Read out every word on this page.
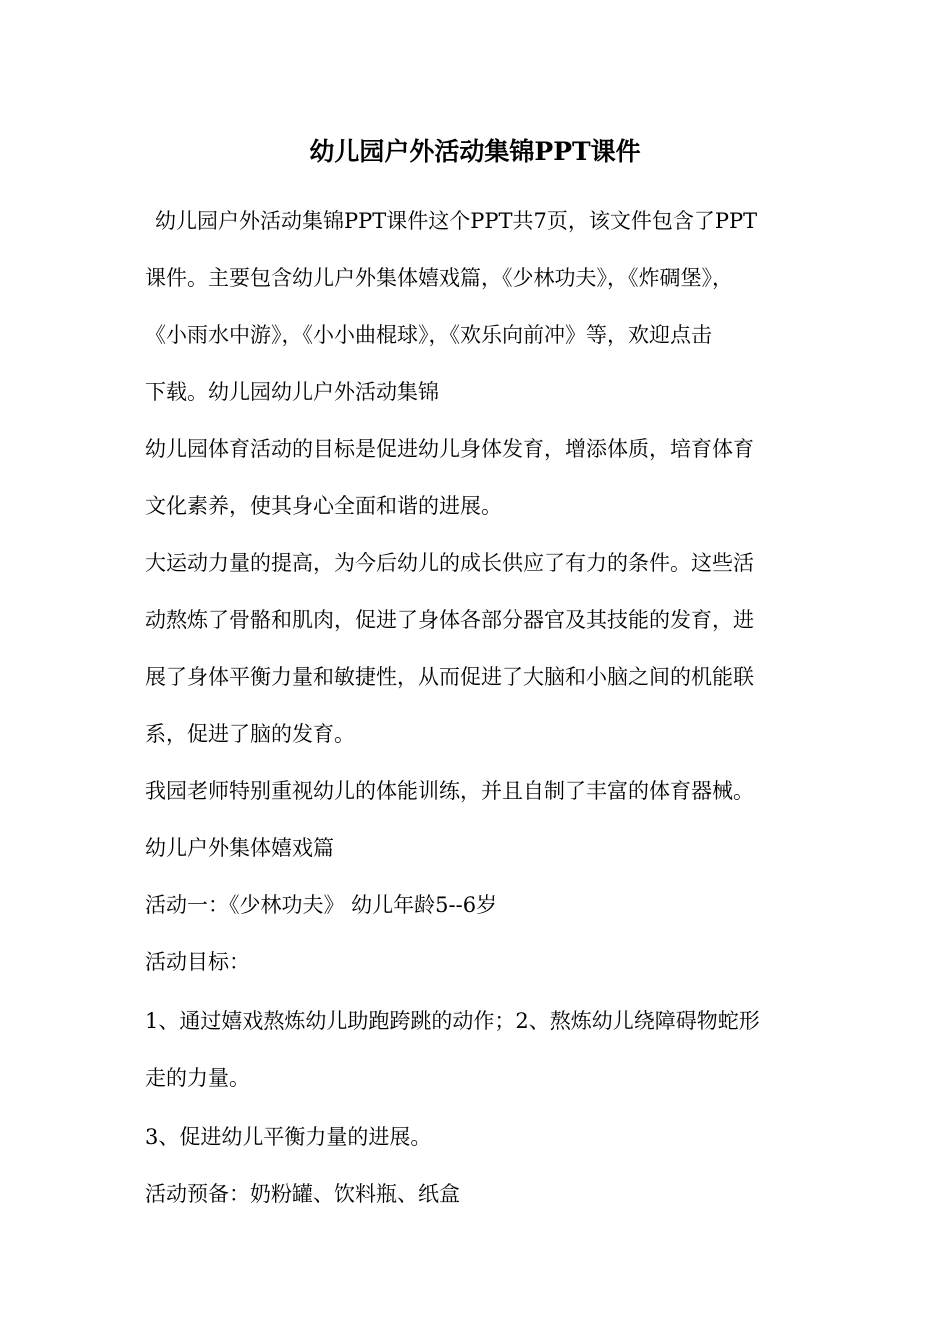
幼儿园户外活动集锦PPT课件
幼儿园户外活动集锦PPT课件这个PPT共7页，该文件包含了PPT
课件。主要包含幼儿户外集体嬉戏篇，《少林功夫》，《炸碉堡》，
《小雨水中游》，《小小曲棍球》，《欢乐向前冲》等，欢迎点击
下载。幼儿园幼儿户外活动集锦
幼儿园体育活动的目标是促进幼儿身体发育，增添体质，培育体育
文化素养，使其身心全面和谐的进展。
大运动力量的提高，为今后幼儿的成长供应了有力的条件。这些活
动熬炼了骨骼和肌肉，促进了身体各部分器官及其技能的发育，进
展了身体平衡力量和敏捷性，从而促进了大脑和小脑之间的机能联
系，促进了脑的发育。
我园老师特别重视幼儿的体能训练，并且自制了丰富的体育器械。
幼儿户外集体嬉戏篇
活动一：《少林功夫》 幼儿年龄5--6岁
活动目标：
1、通过嬉戏熬炼幼儿助跑跨跳的动作；2、熬炼幼儿绕障碍物蛇形
走的力量。
3、促进幼儿平衡力量的进展。
活动预备：奶粉罐、饮料瓶、纸盒
